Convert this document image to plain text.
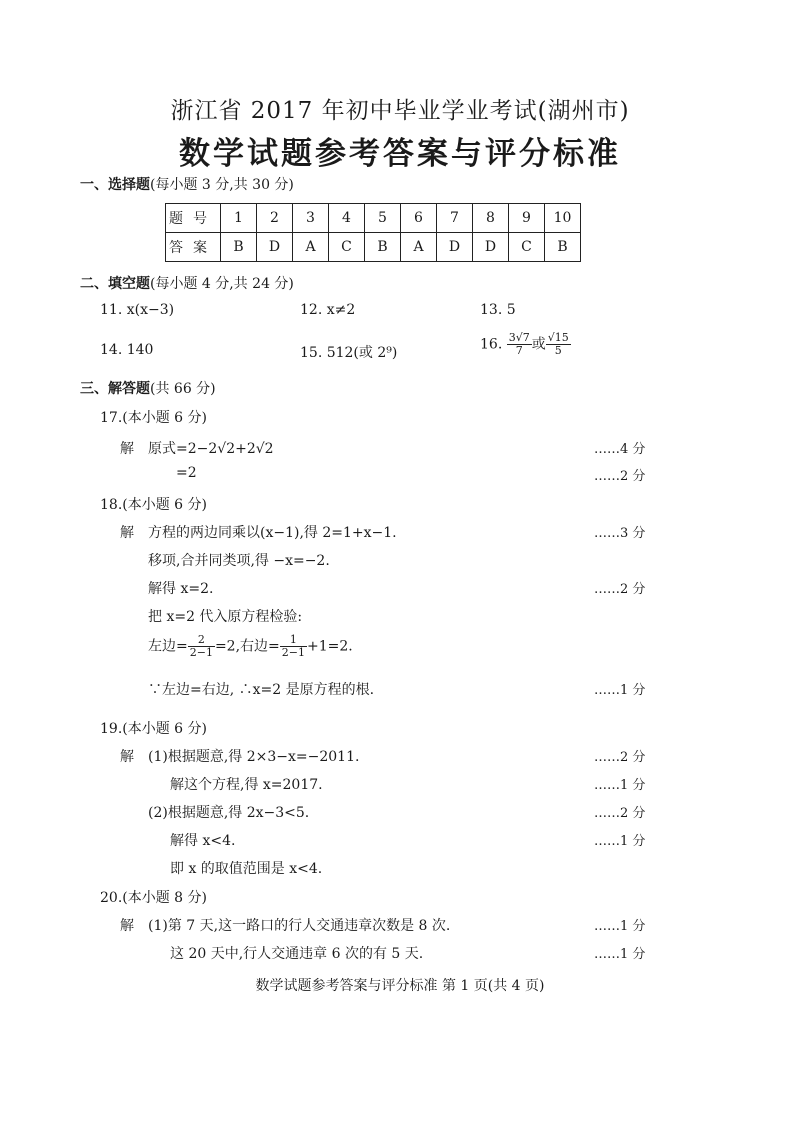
浙江省 2017 年初中毕业学业考试(湖州市)
数学试题参考答案与评分标准
一、选择题(每小题 3 分,共 30 分)
题号	1	2	3	4	5	6	7	8	9	10
答案	B	D	A	C	B	A	D	D	C	B
二、填空题(每小题 4 分,共 24 分)
11. x(x−3)	12. x≠2	13. 5
14. 140	15. 512(或 2⁹)
16. $\frac{3√7}{7}$ 或 $\frac{√15}{5}$
三、解答题(共 66 分)
17.(本小题 6 分)
解 原式=2−2√2+2√2	……4 分
=2	……2 分
18.(本小题 6 分)
解 方程的两边同乘以(x−1),得 2=1+x−1.	……3 分
移项,合并同类项,得 −x=−2.
解得 x=2.	……2 分
把 x=2 代入原方程检验:
左边= $\frac{2}{2-1} =2$,右边= $\frac{1}{2-1} +1=2$.
∵左边=右边, ∴x=2 是原方程的根.	……1 分
19.(本小题 6 分)
解 (1)根据题意,得 2×3−x=−2011.	……2 分
解这个方程,得 x=2017.	……1 分
(2)根据题意,得 2x−3<5.	……2 分
解得 x<4.	……1 分
即 x 的取值范围是 x<4.
20.(本小题 8 分)
解 (1)第 7 天,这一路口的行人交通违章次数是 8 次.	……1 分
这 20 天中,行人交通违章 6 次的有 5 天.	……1 分
数学试题参考答案与评分标准 第 1 页(共 4 页)
